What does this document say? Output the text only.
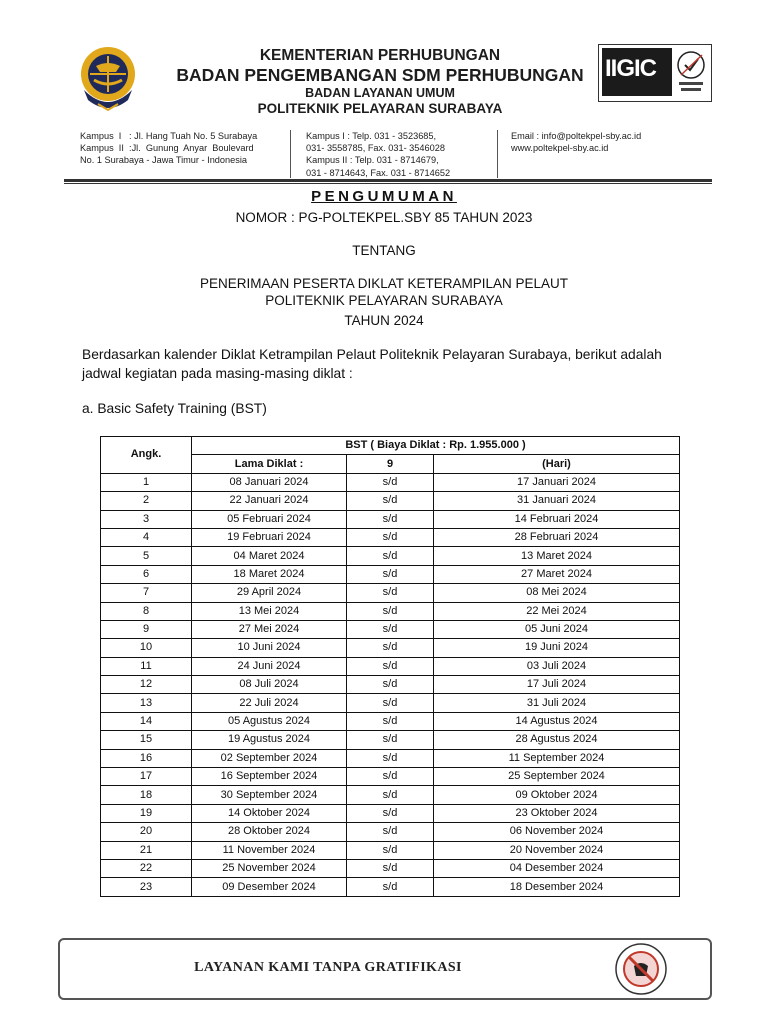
KEMENTERIAN PERHUBUNGAN
BADAN PENGEMBANGAN SDM PERHUBUNGAN
BADAN LAYANAN UMUM
POLITEKNIK PELAYARAN SURABAYA
IIGIC
Kampus  I   : Jl. Hang Tuah No. 5 Surabaya
Kampus  II  :Jl.  Gunung  Anyar  Boulevard
No. 1 Surabaya - Jawa Timur - Indonesia
Kampus I : Telp. 031 - 3523685,
031- 3558785, Fax. 031- 3546028
Kampus II : Telp. 031 - 8714679,
031 - 8714643, Fax. 031 - 8714652
Email : info@poltekpel-sby.ac.id
www.poltekpel-sby.ac.id
PENGUMUMAN
NOMOR : PG-POLTEKPEL.SBY 85 TAHUN 2023
TENTANG
PENERIMAAN PESERTA DIKLAT KETERAMPILAN PELAUT
POLITEKNIK PELAYARAN SURABAYA
TAHUN 2024
Berdasarkan kalender Diklat Ketrampilan Pelaut Politeknik Pelayaran Surabaya, berikut adalah jadwal kegiatan pada masing-masing diklat :
a. Basic Safety Training (BST)
Angk.	BST ( Biaya Diklat : Rp. 1.955.000 )		
	Lama Diklat :	9	(Hari)
1	08 Januari 2024	s/d	17 Januari 2024
2	22 Januari 2024	s/d	31 Januari 2024
3	05 Februari 2024	s/d	14 Februari 2024
4	19 Februari 2024	s/d	28 Februari 2024
5	04 Maret 2024	s/d	13 Maret 2024
6	18 Maret 2024	s/d	27 Maret 2024
7	29 April 2024	s/d	08 Mei 2024
8	13 Mei 2024	s/d	22 Mei 2024
9	27 Mei 2024	s/d	05 Juni 2024
10	10 Juni 2024	s/d	19 Juni 2024
11	24 Juni 2024	s/d	03 Juli 2024
12	08 Juli 2024	s/d	17 Juli 2024
13	22 Juli 2024	s/d	31 Juli 2024
14	05 Agustus 2024	s/d	14 Agustus 2024
15	19 Agustus 2024	s/d	28 Agustus 2024
16	02 September 2024	s/d	11 September 2024
17	16 September 2024	s/d	25 September 2024
18	30 September 2024	s/d	09 Oktober 2024
19	14 Oktober 2024	s/d	23 Oktober 2024
20	28 Oktober 2024	s/d	06 November 2024
21	11 November 2024	s/d	20 November 2024
22	25 November 2024	s/d	04 Desember 2024
23	09 Desember 2024	s/d	18 Desember 2024
LAYANAN KAMI TANPA GRATIFIKASI
